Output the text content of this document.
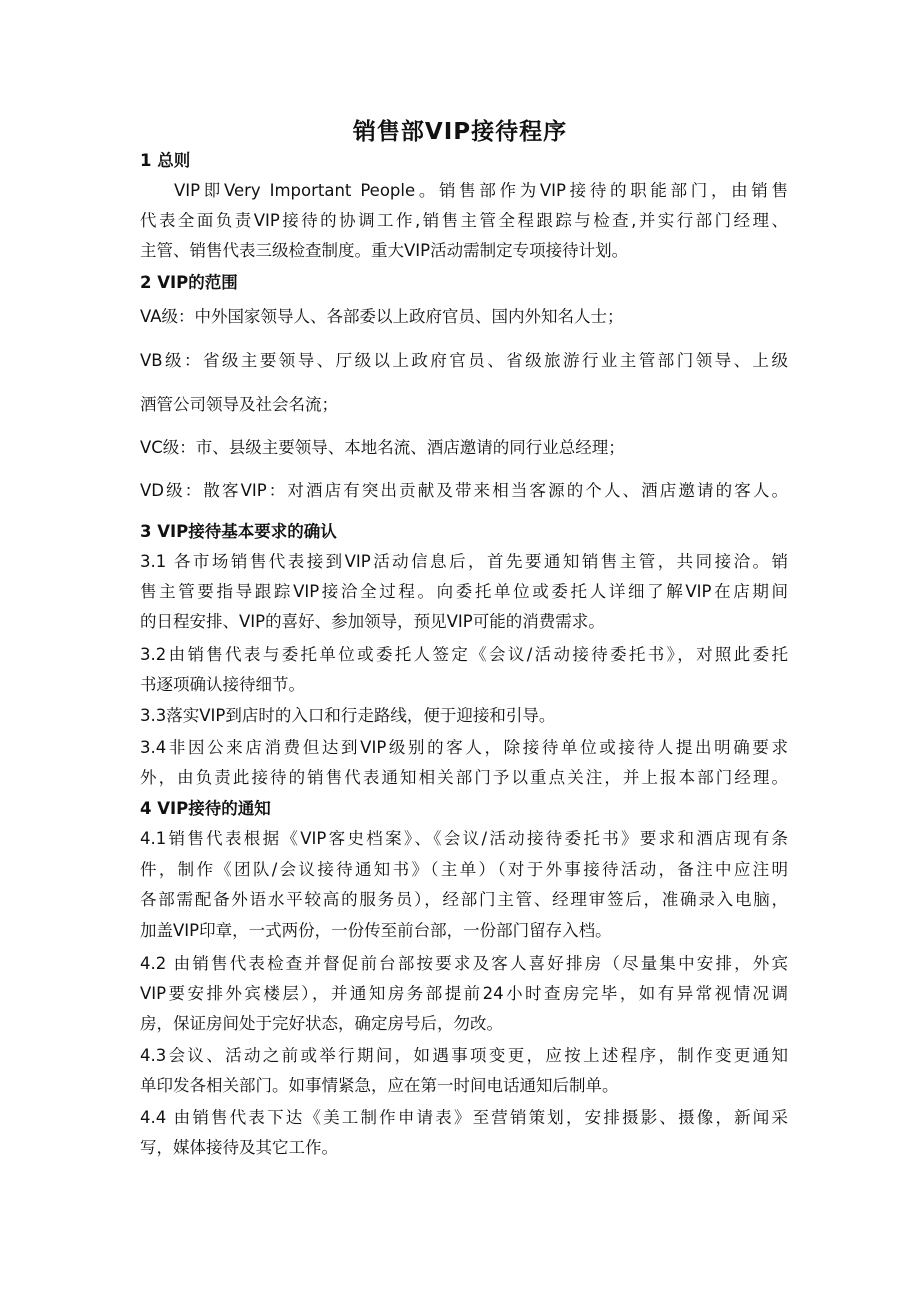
销售部VIP接待程序
1 总则
VIP即Very Important People。销售部作为VIP接待的职能部门，由销售
代表全面负责VIP接待的协调工作,销售主管全程跟踪与检查,并实行部门经理、
主管、销售代表三级检查制度。重大VIP活动需制定专项接待计划。
2 VIP的范围
VA级：中外国家领导人、各部委以上政府官员、国内外知名人士；
VB级：省级主要领导、厅级以上政府官员、省级旅游行业主管部门领导、上级
酒管公司领导及社会名流；
VC级：市、县级主要领导、本地名流、酒店邀请的同行业总经理；
VD级：散客VIP：对酒店有突出贡献及带来相当客源的个人、酒店邀请的客人。
3 VIP接待基本要求的确认
3.1 各市场销售代表接到VIP活动信息后，首先要通知销售主管，共同接洽。销
售主管要指导跟踪VIP接洽全过程。向委托单位或委托人详细了解VIP在店期间
的日程安排、VIP的喜好、参加领导，预见VIP可能的消费需求。
3.2由销售代表与委托单位或委托人签定《会议/活动接待委托书》，对照此委托
书逐项确认接待细节。
3.3落实VIP到店时的入口和行走路线，便于迎接和引导。
3.4非因公来店消费但达到VIP级别的客人，除接待单位或接待人提出明确要求
外，由负责此接待的销售代表通知相关部门予以重点关注，并上报本部门经理。
4 VIP接待的通知
4.1销售代表根据《VIP客史档案》、《会议/活动接待委托书》要求和酒店现有条
件，制作《团队/会议接待通知书》（主单）（对于外事接待活动，备注中应注明
各部需配备外语水平较高的服务员），经部门主管、经理审签后，准确录入电脑，
加盖VIP印章，一式两份，一份传至前台部，一份部门留存入档。
4.2 由销售代表检查并督促前台部按要求及客人喜好排房（尽量集中安排，外宾
VIP要安排外宾楼层），并通知房务部提前24小时查房完毕，如有异常视情况调
房，保证房间处于完好状态，确定房号后，勿改。
4.3会议、活动之前或举行期间，如遇事项变更，应按上述程序，制作变更通知
单印发各相关部门。如事情紧急，应在第一时间电话通知后制单。
4.4 由销售代表下达《美工制作申请表》至营销策划，安排摄影、摄像，新闻采
写，媒体接待及其它工作。
